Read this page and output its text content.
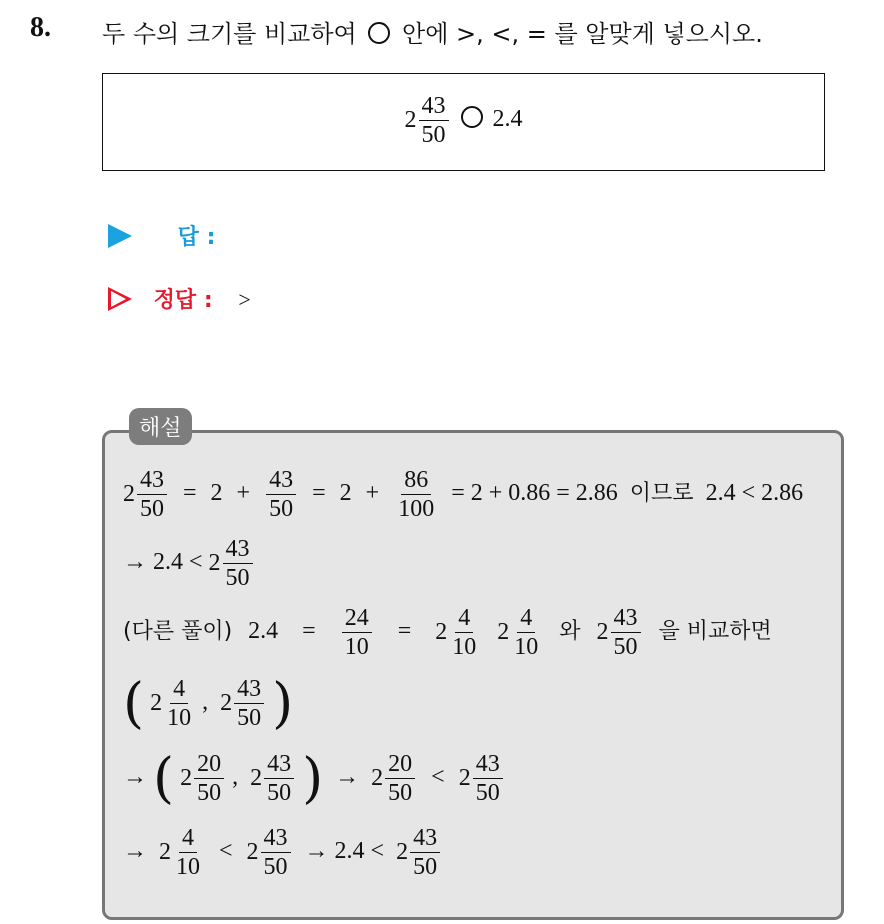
8. 두 수의 크기를 비교하여 안에 >, <, = 를 알맞게 넣으시오.
$2 \frac{43}{50} 2.4$
답 :
정답 : >
해설
$2 \frac{43}{50} = 2 + \frac{43}{50} = 2 + \frac{86}{100} = 2 + 0.86 = 2.86$ 이므로 2.4 < 2.86
→ $2.4 < 2 \frac{43}{50}$
(다른 풀이) $2.4 = \frac{24}{10} = 2 \frac{4}{10}$
$2 \frac{4}{10}$ 와 $2 \frac{43}{50}$ 을 비교하면
( $2 \frac{4}{10}$ , $2 \frac{43}{50}$ )
→ ( $2 \frac{20}{50}$ , $2 \frac{43}{50}$ ) → $2 \frac{20}{50} < 2 \frac{43}{50}$
→ $2 \frac{4}{10} < 2 \frac{43}{50} \to 2.4 < 2 \frac{43}{50}$
